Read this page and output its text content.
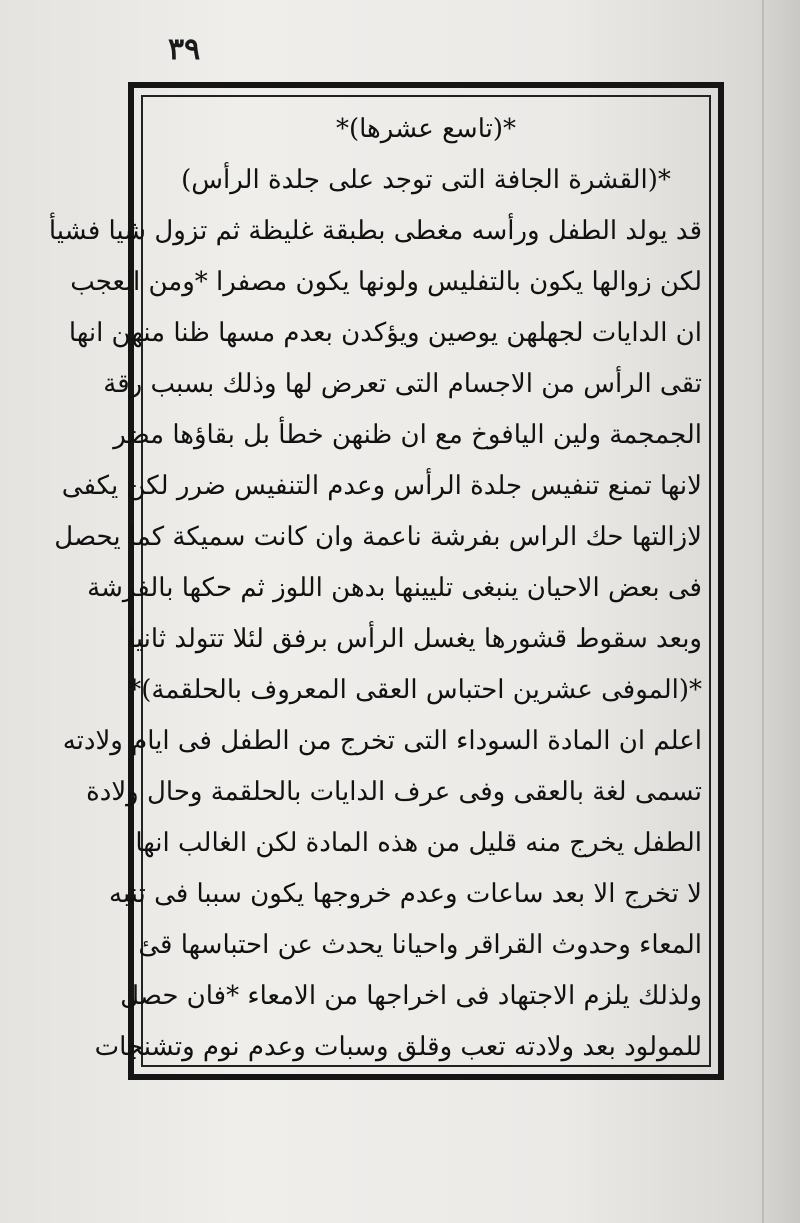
٣٩
*(تاسع عشرها)*
*(القشرة الجافة التى توجد على جلدة الرأس)
قد يولد الطفل ورأسه مغطى بطبقة غليظة ثم تزول شيا فشيأ
لكن زوالها يكون بالتفليس ولونها يكون مصفرا *ومن العجب
ان الدايات لجهلهن يوصين ويؤكدن بعدم مسها ظنا منهن انها
تقى الرأس من الاجسام التى تعرض لها وذلك بسبب رقة
الجمجمة ولين اليافوخ مع ان ظنهن خطأ بل بقاؤها مضر
لانها تمنع تنفيس جلدة الرأس وعدم التنفيس ضرر لكن يكفى
لازالتها حك الراس بفرشة ناعمة وان كانت سميكة كما يحصل
فى بعض الاحيان ينبغى تليينها بدهن اللوز ثم حكها بالفرشة
وبعد سقوط قشورها يغسل الرأس برفق لئلا تتولد ثانيا
*(الموفى عشرين احتباس العقى المعروف بالحلقمة)*
اعلم ان المادة السوداء التى تخرج من الطفل فى ايام ولادته
تسمى لغة بالعقى وفى عرف الدايات بالحلقمة وحال ولادة
الطفل يخرج منه قليل من هذه المادة لكن الغالب انها
لا تخرج الا بعد ساعات وعدم خروجها يكون سببا فى تنبه
المعاء وحدوث القراقر واحيانا يحدث عن احتباسها قئ
ولذلك يلزم الاجتهاد فى اخراجها من الامعاء *فان حصل
للمولود بعد ولادته تعب وقلق وسبات وعدم نوم وتشنجات
